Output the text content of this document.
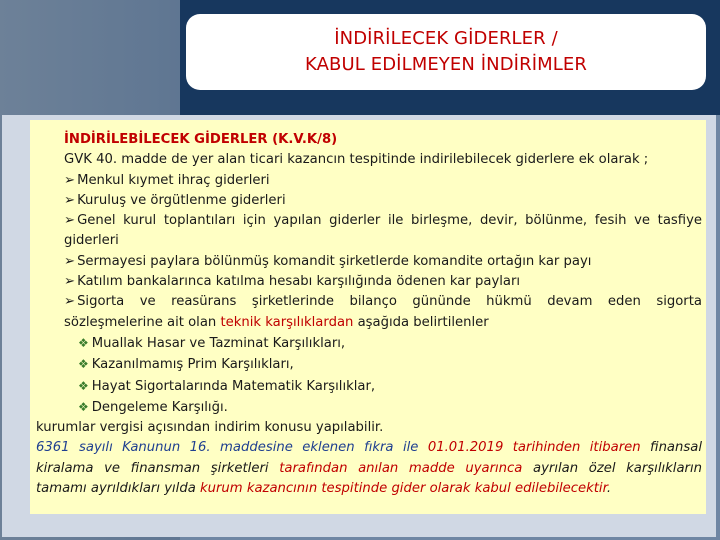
İNDİRİLECEK GİDERLER /
KABUL EDİLMEYEN İNDİRİMLER
İNDİRİLEBİLECEK GİDERLER (K.V.K/8)
GVK 40. madde de yer alan ticari kazancın tespitinde indirilebilecek giderlere ek olarak ;
➢ Menkul kıymet ihraç giderleri
➢ Kuruluş ve örgütlenme giderleri
➢ Genel kurul toplantıları için yapılan giderler ile birleşme, devir, bölünme, fesih ve tasfiye
giderleri
➢ Sermayesi paylara bölünmüş komandit şirketlerde komandite ortağın kar payı
➢ Katılım bankalarınca katılma hesabı karşılığında ödenen kar payları
➢ Sigorta ve reasürans şirketlerinde bilanço gününde hükmü devam eden sigorta
sözleşmelerine ait olan teknik karşılıklardan aşağıda belirtilenler
❖ Muallak Hasar ve Tazminat Karşılıkları,
❖ Kazanılmamış Prim Karşılıkları,
❖ Hayat Sigortalarında Matematik Karşılıklar,
❖ Dengeleme Karşılığı.
kurumlar vergisi açısından indirim konusu yapılabilir.
6361 sayılı Kanunun 16. maddesine eklenen fıkra ile 01.01.2019 tarihinden itibaren finansal
kiralama ve finansman şirketleri tarafından anılan madde uyarınca ayrılan özel karşılıkların
tamamı ayrıldıkları yılda kurum kazancının tespitinde gider olarak kabul edilebilecektir.
